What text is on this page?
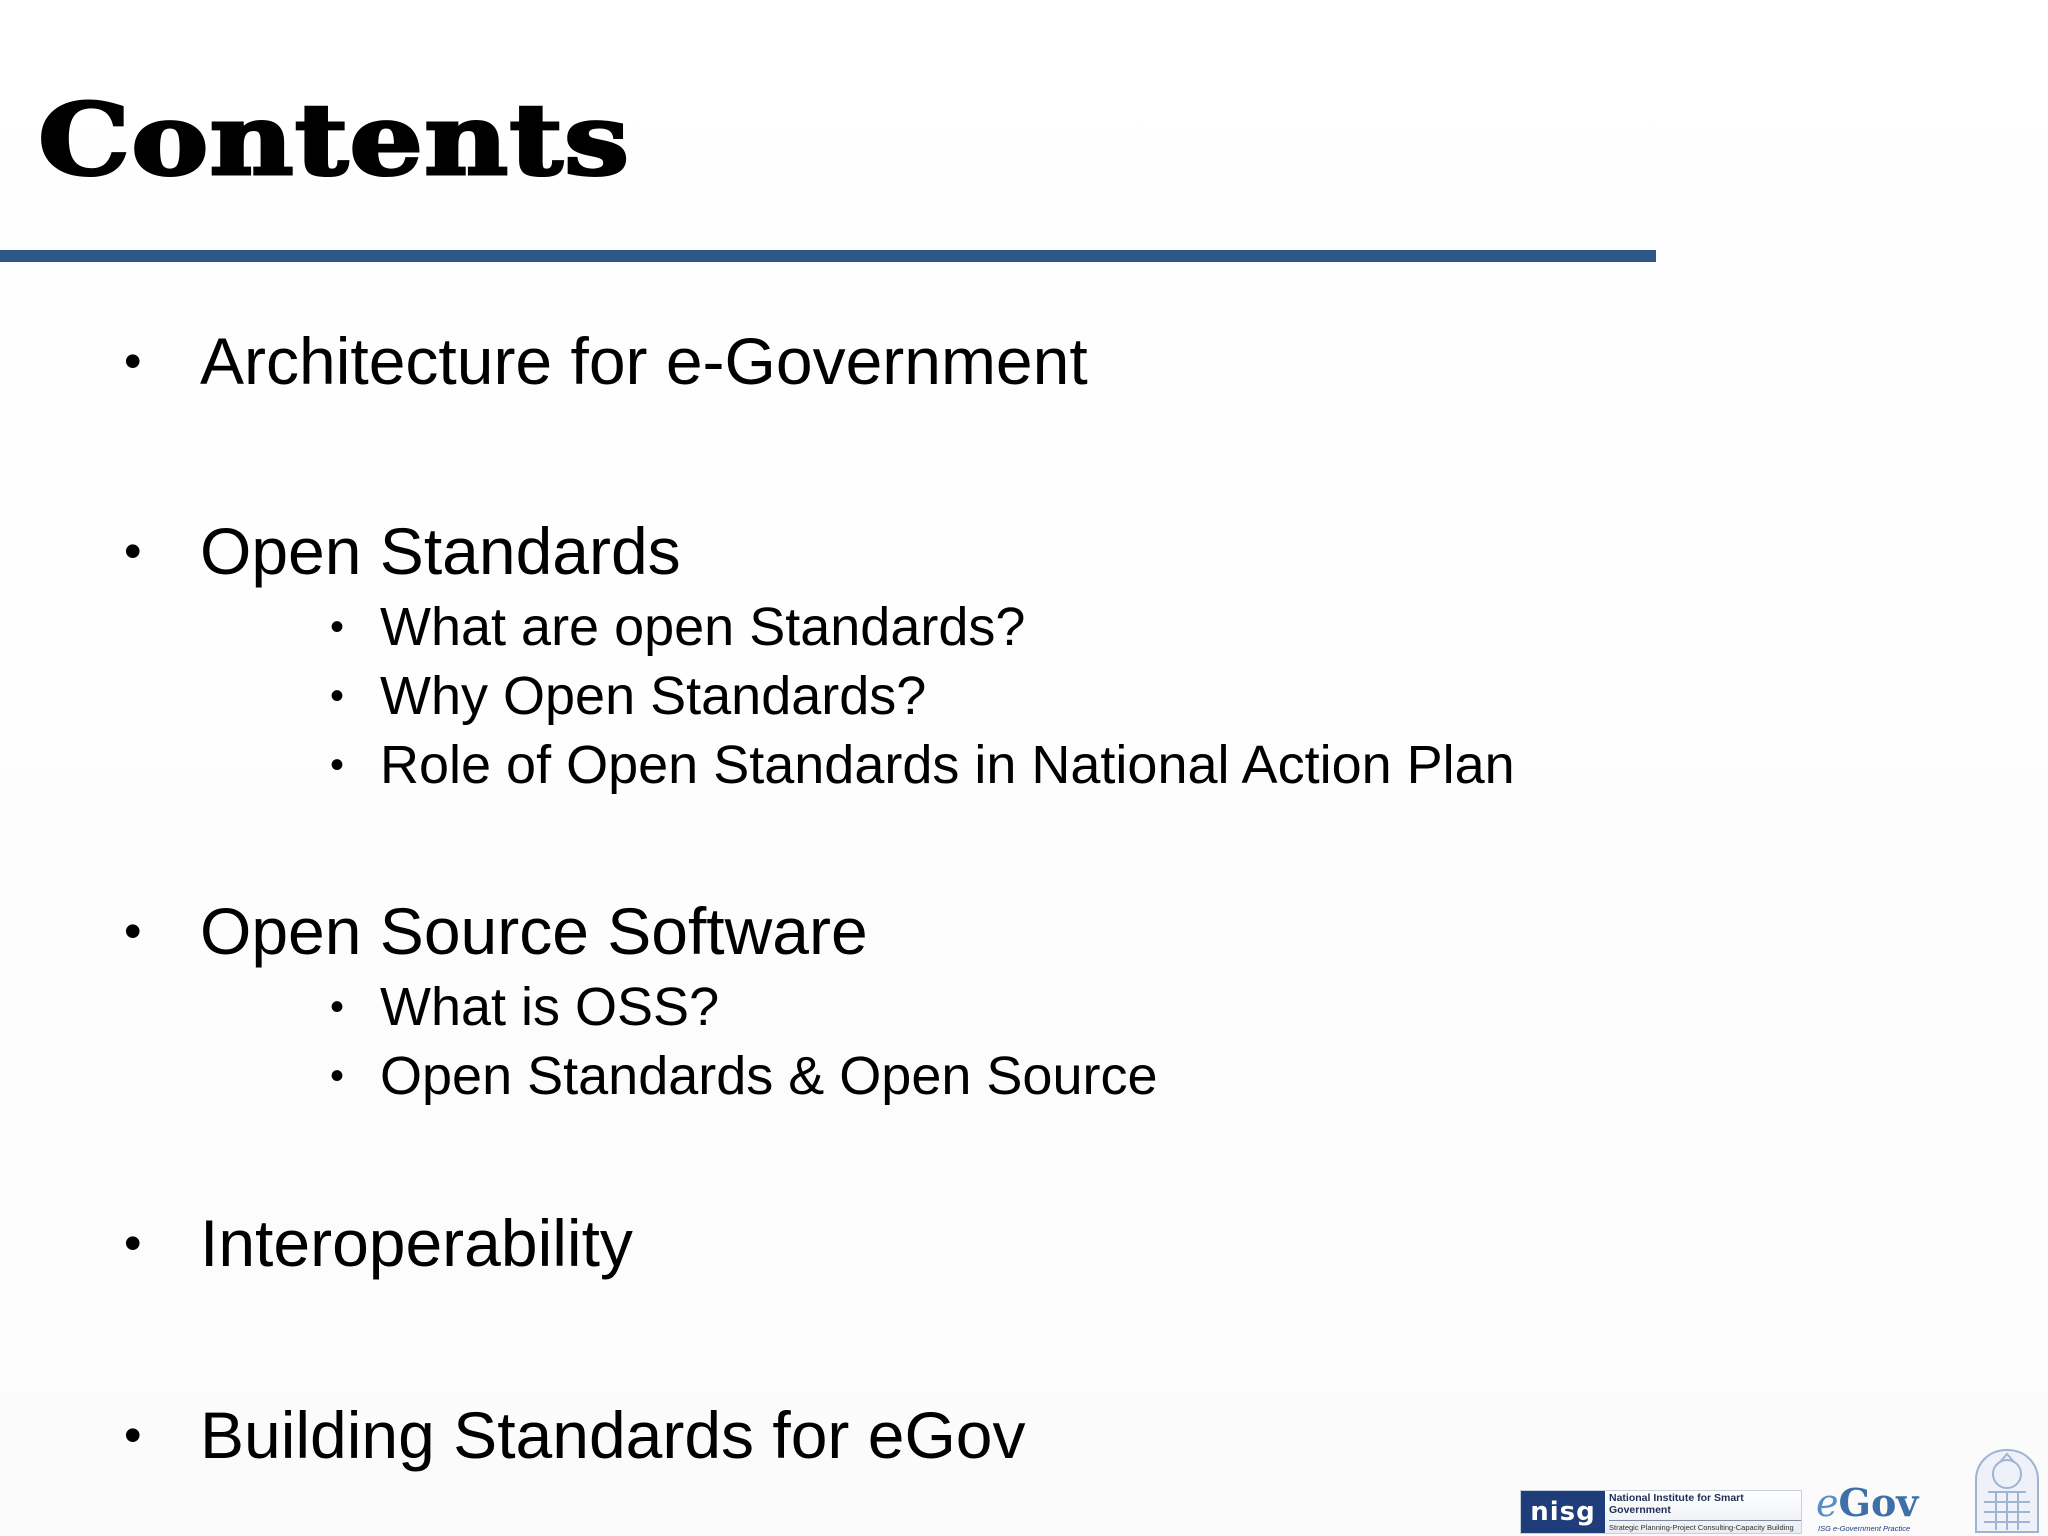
Contents
• Architecture for e-Government
• Open Standards
• What are open Standards?
• Why Open Standards?
• Role of Open Standards in National Action Plan
• Open Source Software
• What is OSS?
• Open Standards & Open Source
• Interoperability
• Building Standards for eGov
nisg	National Institute for Smart Government
Strategic Planning-Project Consulting-Capacity Building
eGov
ISG e-Government Practice
